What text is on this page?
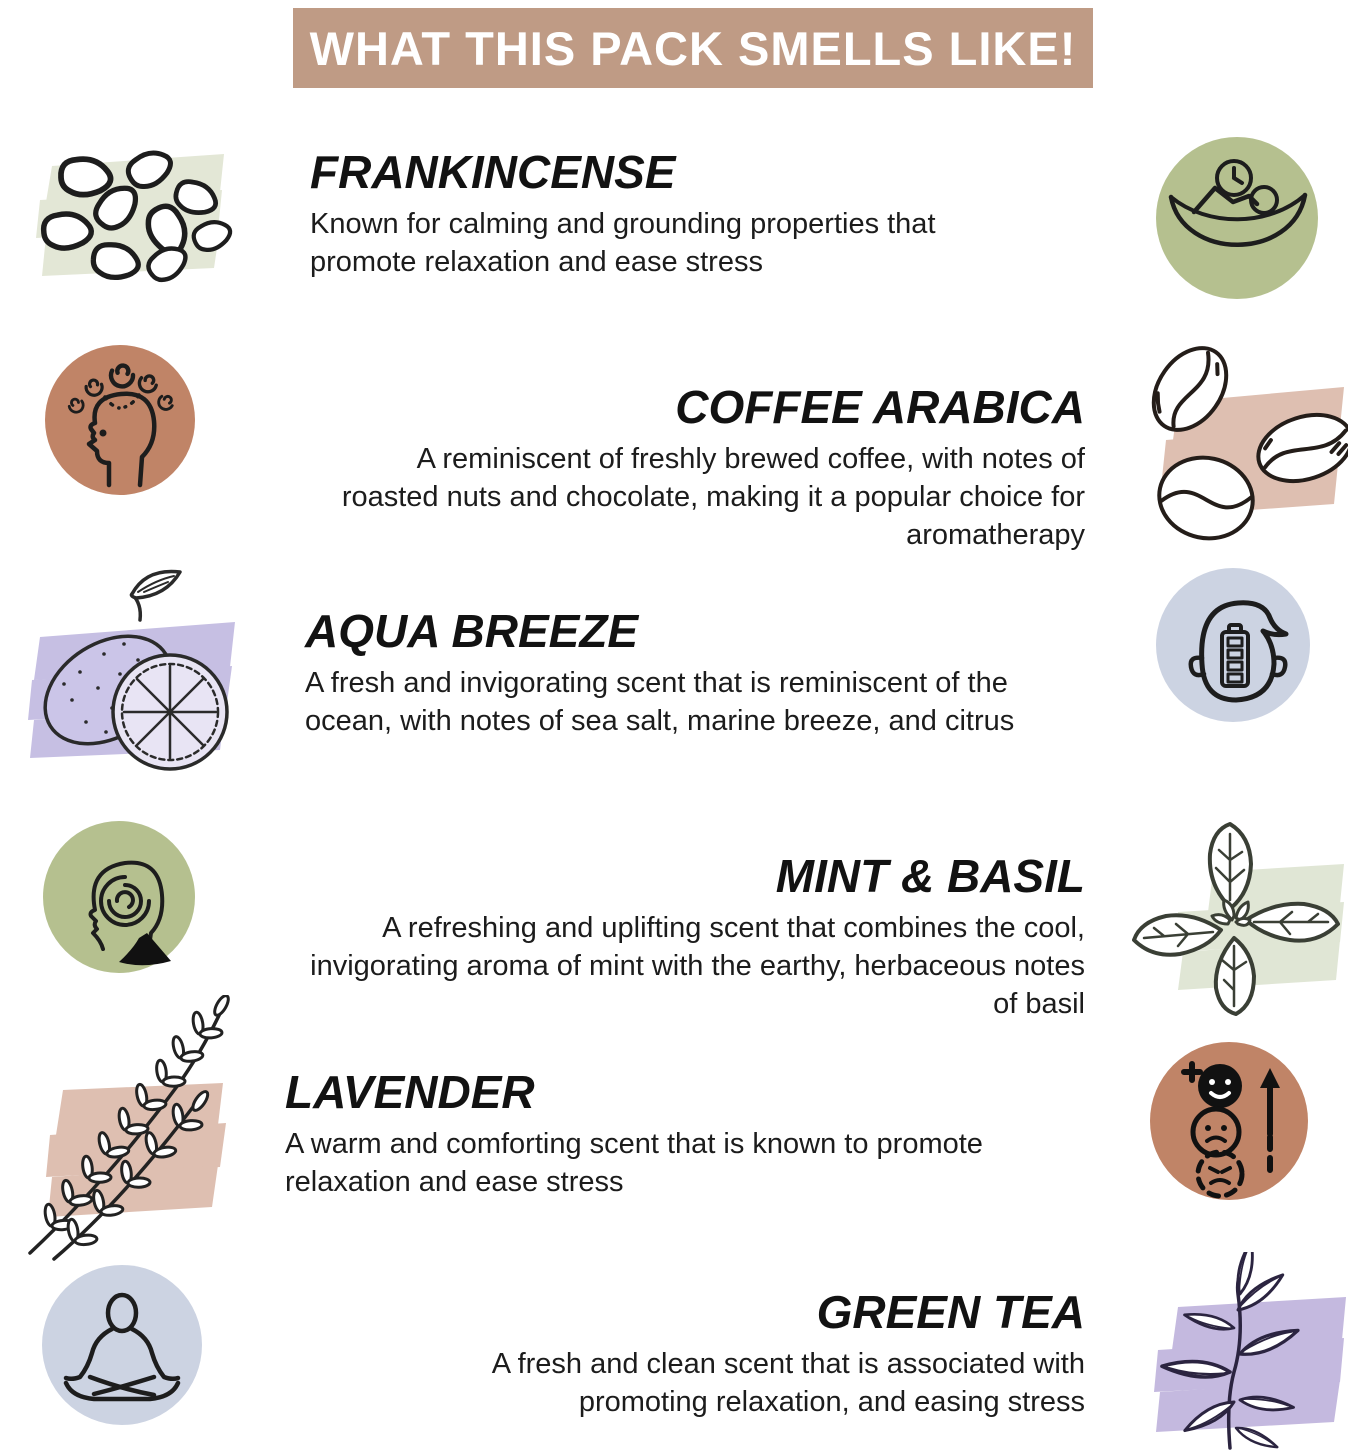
WHAT THIS PACK SMELLS LIKE!
FRANKINCENSE

Known for calming and grounding properties that promote relaxation and ease stress

COFFEE ARABICA

A reminiscent of freshly brewed coffee, with notes of roasted nuts and chocolate, making it a popular choice for aromatherapy

AQUA BREEZE

A fresh and invigorating scent that is reminiscent of the ocean, with notes of sea salt, marine breeze, and citrus

MINT & BASIL

A refreshing and uplifting scent that combines the cool, invigorating aroma of mint with the earthy, herbaceous notes of basil

LAVENDER

A warm and comforting scent that is known to promote relaxation and ease stress

GREEN TEA

A fresh and clean scent that is associated with promoting relaxation, and easing stress
